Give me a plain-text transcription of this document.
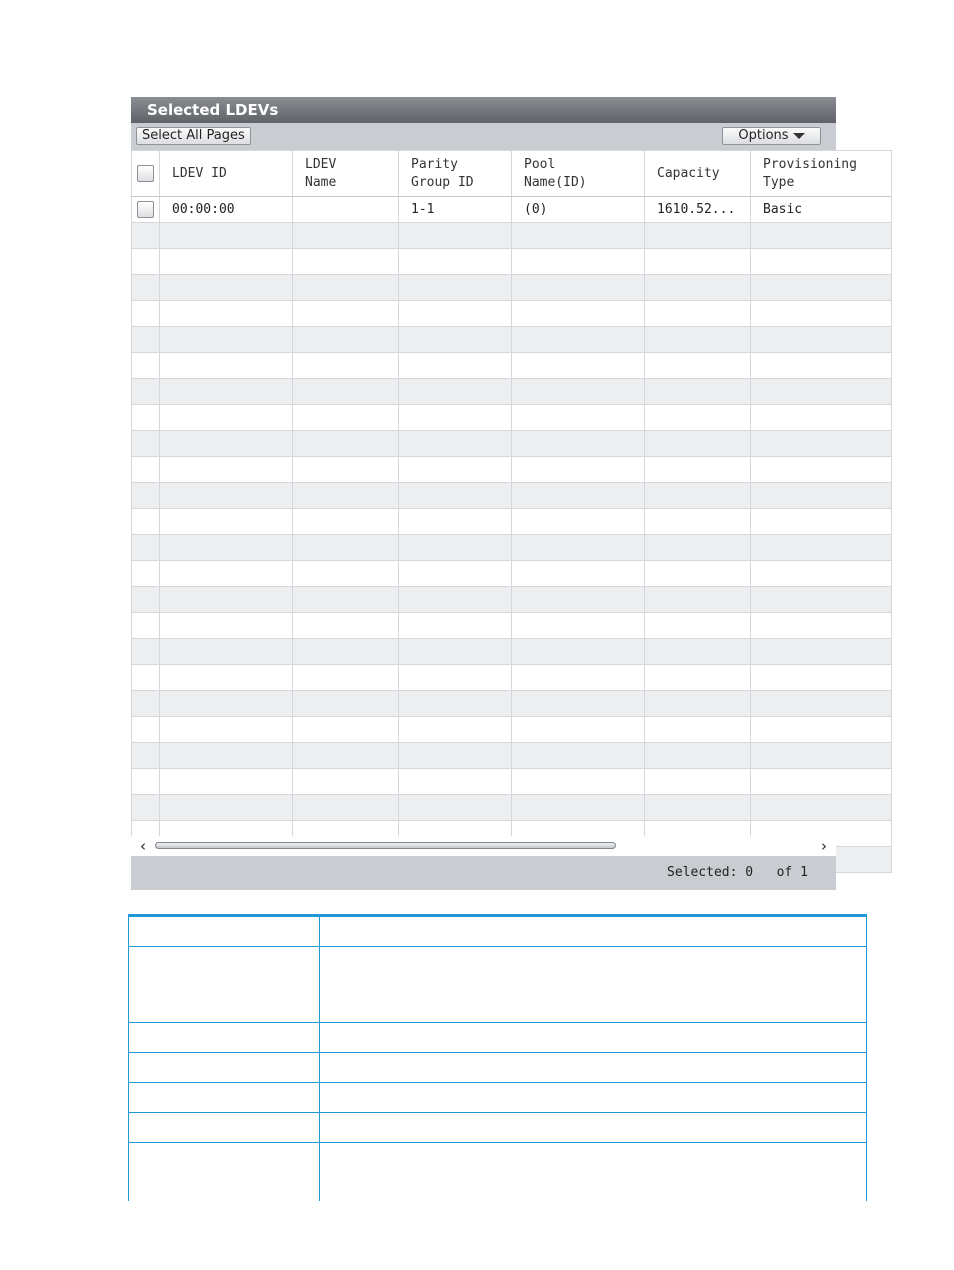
Selected LDEVs
Select All Pages	Options
	LDEV ID	LDEV Name	Parity Group ID	Pool Name(ID)	Capacity	Provisioning Type
	00:00:00		1-1	(0)	1610.52...	Basic

‹	›
Selected: 0 of 1
